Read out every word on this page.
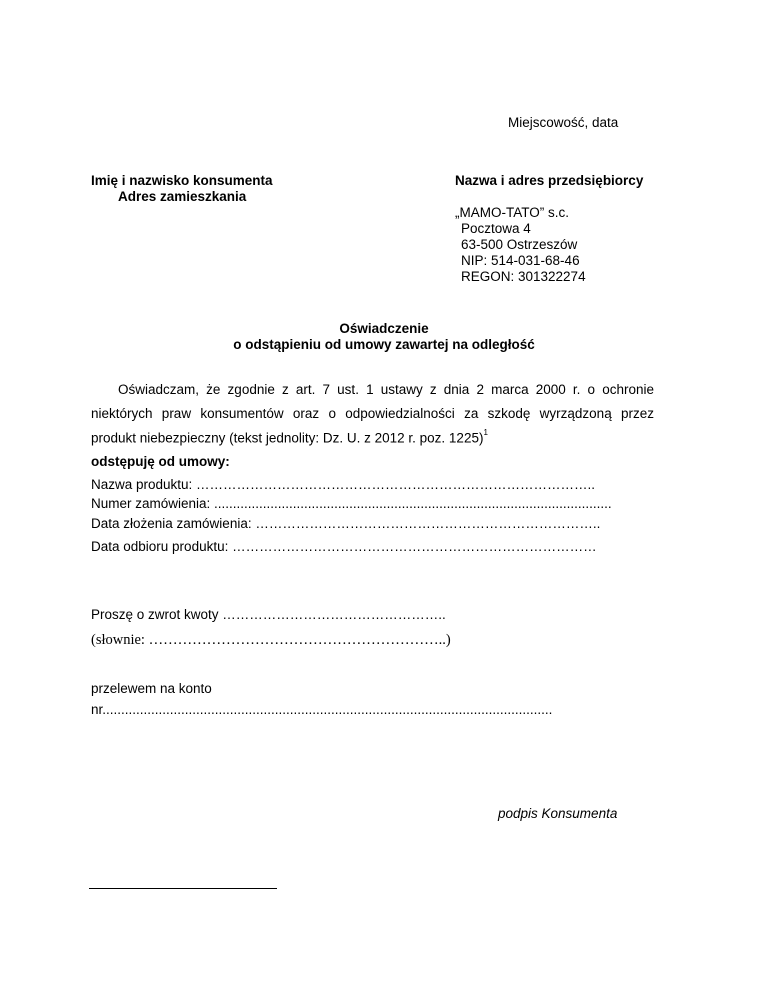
Miejscowość, data
Imię i nazwisko konsumenta
Adres zamieszkania
Nazwa i adres przedsiębiorcy
„MAMO-TATO” s.c.
Pocztowa 4
63-500 Ostrzeszów
NIP: 514-031-68-46
REGON: 301322274
Oświadczenie
o odstąpieniu od umowy zawartej na odległość
Oświadczam, że zgodnie z art. 7 ust. 1 ustawy z dnia 2 marca 2000 r. o ochronie
niektórych praw konsumentów oraz o odpowiedzialności za szkodę wyrządzoną przez
produkt niebezpieczny (tekst jednolity: Dz. U. z 2012 r. poz. 1225)$^1$
odstępuję od umowy:
Nazwa produktu: ……………………………………………………………………………..
Numer zamówienia: ..........................................................................................................
Data złożenia zamówienia: …………………………………………………………………..
Data odbioru produktu: ………………………………………………………………………
Proszę o zwrot kwoty …………………………………………..
(słownie: ……………………………………………………..)
przelewem na konto
nr........................................................................................................................
podpis Konsumenta
